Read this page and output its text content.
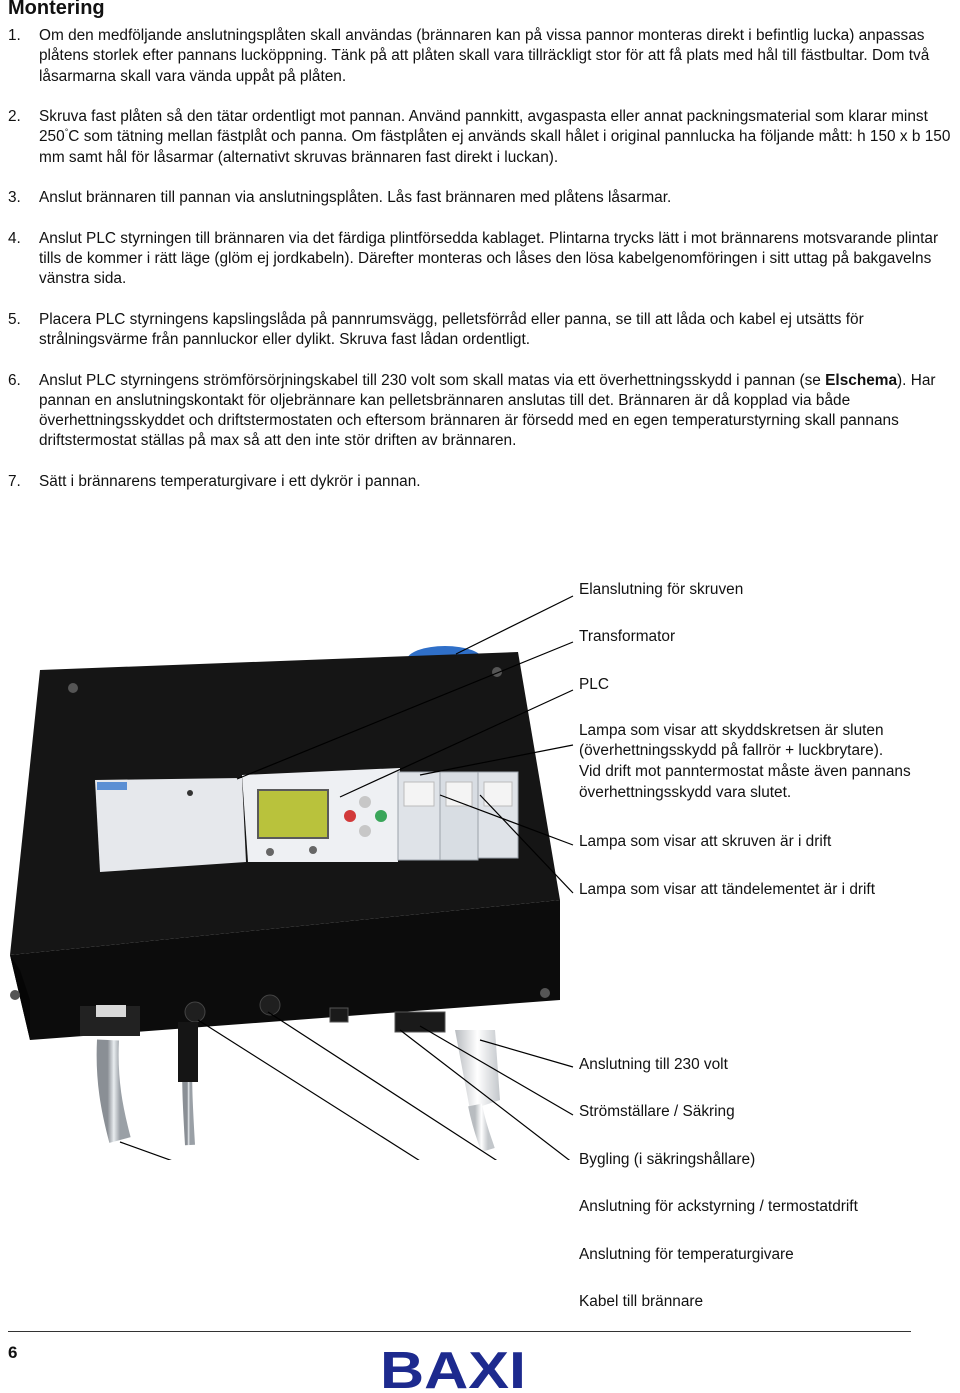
Montering
1. Om den medföljande anslutningsplåten skall användas (brännaren kan på vissa pannor monteras direkt i befintlig lucka) anpassas plåtens storlek efter pannans lucköppning. Tänk på att plåten skall vara tillräckligt stor för att få plats med hål till fästbultar. Dom två låsarmarna skall vara vända uppåt på plåten.

2. Skruva fast plåten så den tätar ordentligt mot pannan. Använd pannkitt, avgaspasta eller annat packningsmaterial som klarar minst 250°C som tätning mellan fästplåt och panna. Om fästplåten ej används skall hålet i original pannlucka ha följande mått: h 150 x b 150 mm samt hål för låsarmar (alternativt skruvas brännaren fast direkt i luckan).

3. Anslut brännaren till pannan via anslutningsplåten. Lås fast brännaren med plåtens låsarmar.

4. Anslut PLC styrningen till brännaren via det färdiga plintförsedda kablaget. Plintarna trycks lätt i mot brännarens motsvarande plintar tills de kommer i rätt läge (glöm ej jordkabeln). Därefter monteras och låses den lösa kabelgenomföringen i sitt uttag på bakgavelns vänstra sida.

5. Placera PLC styrningens kapslingslåda på pannrumsvägg, pelletsförråd eller panna, se till att låda och kabel ej utsätts för strålningsvärme från pannluckor eller dylikt. Skruva fast lådan ordentligt.

6. Anslut PLC styrningens strömförsörjningskabel till 230 volt som skall matas via ett överhettningsskydd i pannan (se Elschema). Har pannan en anslutningskontakt för oljebrännare kan pelletsbrännaren anslutas till det. Brännaren är då kopplad via både överhettningsskyddet och driftstermostaten och eftersom brännaren är försedd med en egen temperaturstyrning skall pannans driftstermostat ställas på max så att den inte stör driften av brännaren.

7. Sätt i brännarens temperaturgivare i ett dykrör i pannan.

Elanslutning för skruven
Transformator
PLC
Lampa som visar att skyddskretsen är sluten
(överhettningsskydd på fallrör + luckbrytare).
Vid drift mot panntermostat måste även pannans
överhettningsskydd vara slutet.
Lampa som visar att skruven är i drift
Lampa som visar att tändelementet är i drift
Anslutning till 230 volt
Strömställare / Säkring
Bygling (i säkringshållare)
Anslutning för ackstyrning / termostatdrift
Anslutning för temperaturgivare
Kabel till brännare
6	BAXI
